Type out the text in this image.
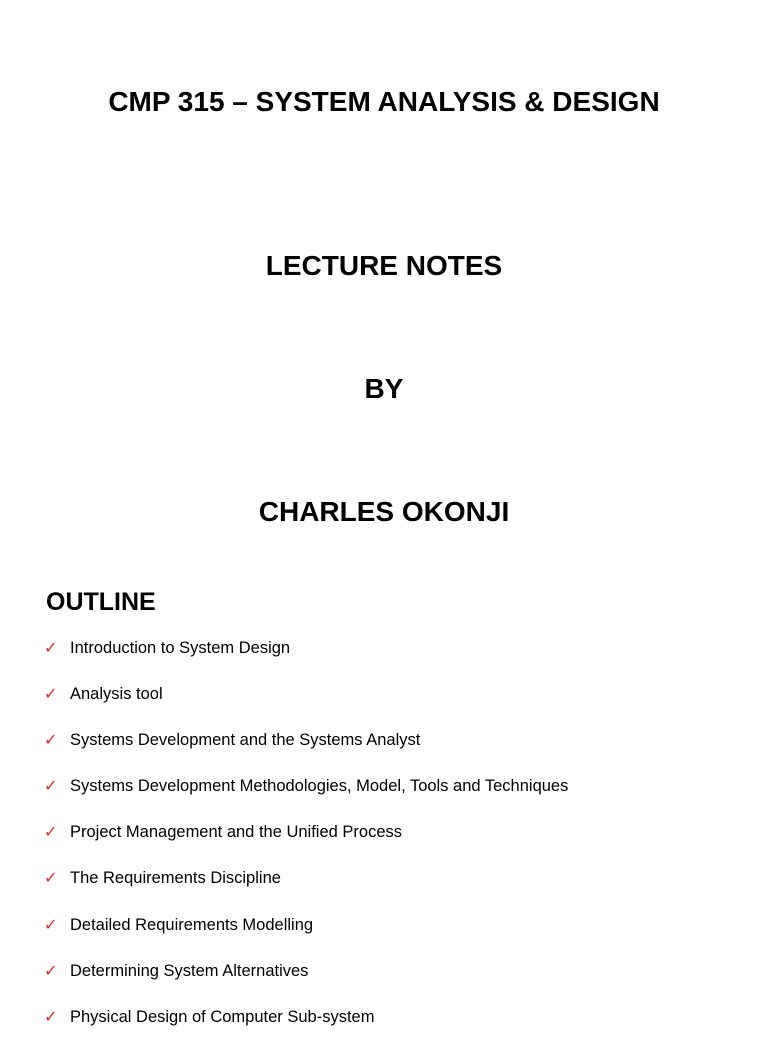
CMP 315 – SYSTEM ANALYSIS & DESIGN
LECTURE NOTES
BY
CHARLES OKONJI
OUTLINE
✓ Introduction to System Design
✓ Analysis tool
✓ Systems Development and the Systems Analyst
✓ Systems Development Methodologies, Model, Tools and Techniques
✓ Project Management and the Unified Process
✓ The Requirements Discipline
✓ Detailed Requirements Modelling
✓ Determining System Alternatives
✓ Physical Design of Computer Sub-system
